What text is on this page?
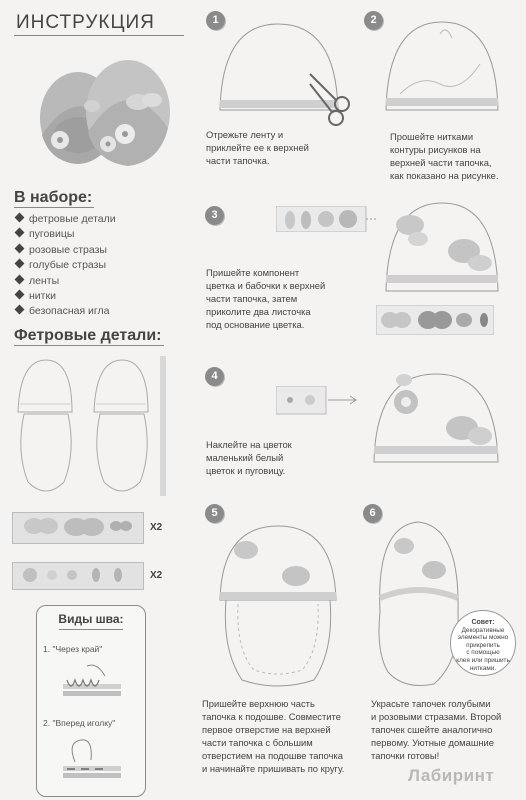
ИНСТРУКЦИЯ
В наборе:
фетровые детали
пуговицы
розовые стразы
голубые стразы
ленты
нитки
безопасная игла
Фетровые детали:
X2
X2
Виды шва:
1. "Через край"
2. "Вперед иголку"
1
Отрежьте ленту и
приклейте ее к верхней
части тапочка.
2
Прошейте нитками
контуры рисунков на
верхней части тапочка,
как показано на рисунке.
3
Пришейте компонент
цветка и бабочки к верхней
части тапочка, затем
приколите два листочка
под основание цветка.
4
Наклейте на цветок
маленький белый
цветок и пуговицу.
5
Пришейте верхнюю часть
тапочка к подошве. Совместите
первое отверстие на верхней
части тапочка с большим
отверстием на подошве тапочка
и начинайте пришивать по кругу.
6
Совет:
Декоративные
элементы можно
прикрепить
с помощью
клея или пришить
нитками.
Украсьте тапочек голубыми
и розовыми стразами. Второй
тапочек сшейте аналогично
первому. Уютные домашние
тапочки готовы!
Лабиринт
